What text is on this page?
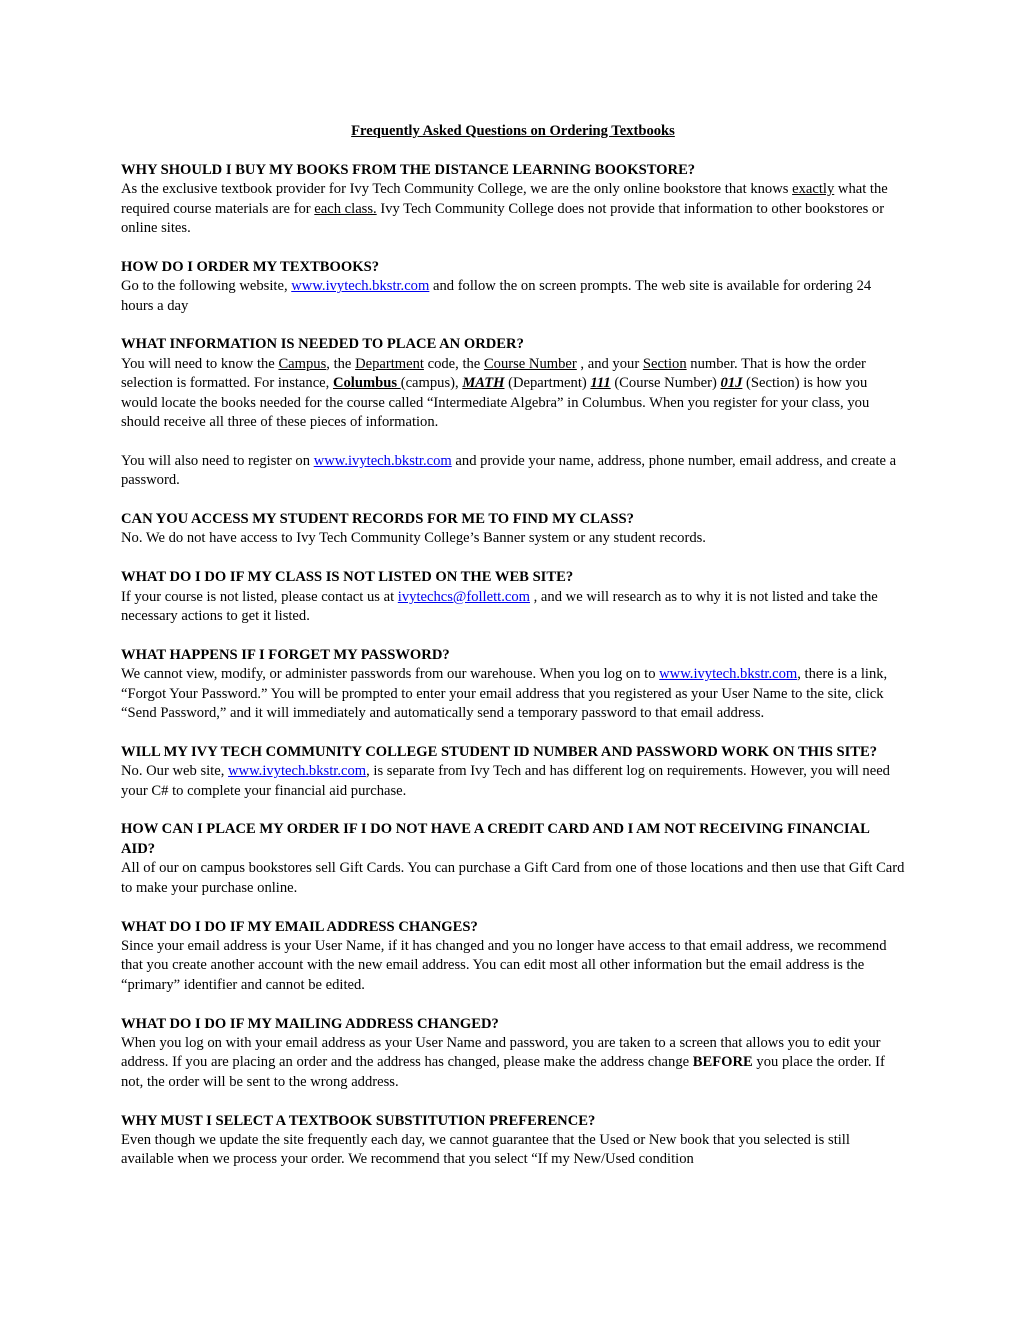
Frequently Asked Questions on Ordering Textbooks

WHY SHOULD I BUY MY BOOKS FROM THE DISTANCE LEARNING BOOKSTORE?

As the exclusive textbook provider for Ivy Tech Community College, we are the only online bookstore that knows exactly what the required course materials are for each class. Ivy Tech Community College does not provide that information to other bookstores or online sites.

HOW DO I ORDER MY TEXTBOOKS?

Go to the following website, www.ivytech.bkstr.com and follow the on screen prompts. The web site is available for ordering 24 hours a day

WHAT INFORMATION IS NEEDED TO PLACE AN ORDER?

You will need to know the Campus, the Department code, the Course Number , and your Section number. That is how the order selection is formatted. For instance, Columbus (campus), MATH (Department) 111 (Course Number) 01J (Section) is how you would locate the books needed for the course called “Intermediate Algebra” in Columbus. When you register for your class, you should receive all three of these pieces of information.

You will also need to register on www.ivytech.bkstr.com and provide your name, address, phone number, email address, and create a password.

CAN YOU ACCESS MY STUDENT RECORDS FOR ME TO FIND MY CLASS?

No. We do not have access to Ivy Tech Community College’s Banner system or any student records.

WHAT DO I DO IF MY CLASS IS NOT LISTED ON THE WEB SITE?

If your course is not listed, please contact us at ivytechcs@follett.com , and we will research as to why it is not listed and take the necessary actions to get it listed.

WHAT HAPPENS IF I FORGET MY PASSWORD?

We cannot view, modify, or administer passwords from our warehouse. When you log on to www.ivytech.bkstr.com, there is a link, “Forgot Your Password.” You will be prompted to enter your email address that you registered as your User Name to the site, click “Send Password,” and it will immediately and automatically send a temporary password to that email address.

WILL MY IVY TECH COMMUNITY COLLEGE STUDENT ID NUMBER AND PASSWORD WORK ON THIS SITE?

No. Our web site, www.ivytech.bkstr.com, is separate from Ivy Tech and has different log on requirements. However, you will need your C# to complete your financial aid purchase.

HOW CAN I PLACE MY ORDER IF I DO NOT HAVE A CREDIT CARD AND I AM NOT RECEIVING FINANCIAL AID?

All of our on campus bookstores sell Gift Cards. You can purchase a Gift Card from one of those locations and then use that Gift Card to make your purchase online.

WHAT DO I DO IF MY EMAIL ADDRESS CHANGES?

Since your email address is your User Name, if it has changed and you no longer have access to that email address, we recommend that you create another account with the new email address. You can edit most all other information but the email address is the “primary” identifier and cannot be edited.

WHAT DO I DO IF MY MAILING ADDRESS CHANGED?

When you log on with your email address as your User Name and password, you are taken to a screen that allows you to edit your address. If you are placing an order and the address has changed, please make the address change BEFORE you place the order. If not, the order will be sent to the wrong address.

WHY MUST I SELECT A TEXTBOOK SUBSTITUTION PREFERENCE?

Even though we update the site frequently each day, we cannot guarantee that the Used or New book that you selected is still available when we process your order. We recommend that you select “If my New/Used condition
